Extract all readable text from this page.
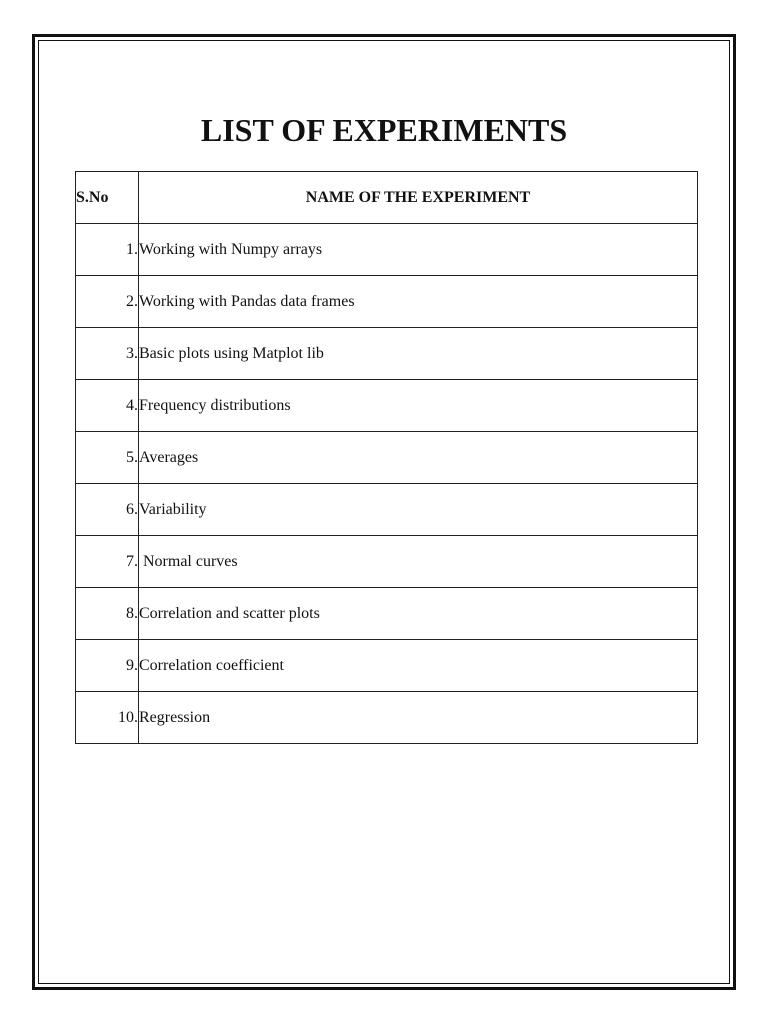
LIST OF EXPERIMENTS
S.No	NAME OF THE EXPERIMENT
1.	Working with Numpy arrays
2.	Working with Pandas data frames
3.	Basic plots using Matplot lib
4.	Frequency distributions
5.	Averages
6.	Variability
7.	Normal curves
8.	Correlation and scatter plots
9.	Correlation coefficient
10.	Regression
